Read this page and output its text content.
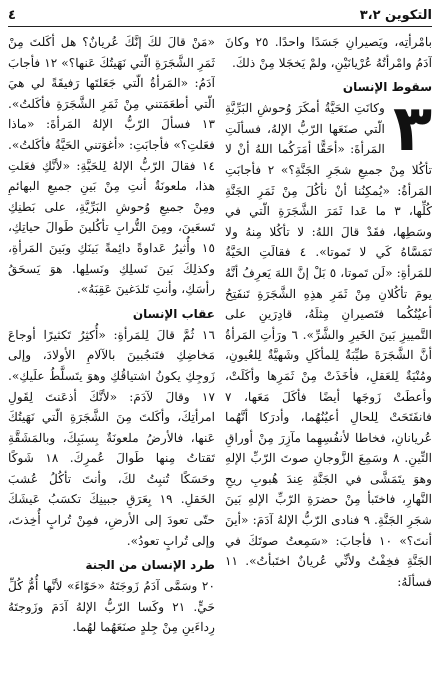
التكوين ٣،٢
٤

بامْرأتِه، ويَصيرانِ جَسَدًا واحدًا. ٢٥ وكانَ آدَمُ وامْرأتُهُ عُرْيانَيْنِ، ولمْ يَخجَلا مِنْ ذلكَ.

سقوط الإنسان
٣

وكانَتِ الحَيَّةُ أمكَرَ وُحوشِ البَرِّيَّةِ الّتي صنَعَها الرّبُّ الإلهُ، فسألَتِ المَرأةَ: «أحَقًّا أمَرَكُما اللهُ أنْ لا تأكُلا مِنْ جميعِ شجَرِ الجَنَّةِ؟» ٢ فأجابَتِ المَرأةُ: «يُمكِنُنا أنْ نأكُلَ مِنْ ثَمَرِ الجَنَّةِ كُلِّها، ٣ ما عَدا ثَمَرَ الشَّجَرَةِ الّتي في وسَطِها، فقَدْ قالَ اللهُ: لا تأكُلا مِنهُ ولا تَمَسَّاهُ كَي لا تَموتا». ٤ فقالَتِ الحَيَّةُ للمَرأةِ: «لَن تَموتا، ٥ بَلْ إنَّ اللهَ يَعرِفُ أنَّهُ يومَ تأكُلانِ مِنْ ثَمَرِ هذِهِ الشَّجَرَةِ تَنفَتِحُ أعيُنُكُما فتَصيرانِ مِثلَهُ، قادِرَينِ على التَّمييزِ بَينَ الخَيرِ والشَّرِّ». ٦ ورَأتِ المَرأةُ أنَّ الشَّجَرَةَ طيِّبَةٌ لِلمأكَلِ وشَهيَّةٌ لِلعُيونِ، ومُنْيَةٌ لِلعَقلِ، فأخَذَتْ مِنْ ثَمَرِها وأكَلَتْ، وأعطَتْ زَوجَها أيضًا فأكَلَ مَعَها، ٧ فانفَتَحَتْ لِلحالِ أعيُنُهُما، وأدرَكا أنَّهُما عُريانانِ، فخاطا لأنفُسِهِما مآزِرَ مِنْ أوراقِ التِّينِ. ٨ وسَمِعَ الزَّوجانِ صوتَ الرّبِّ الإلهِ وهوَ يتَمَشَّى في الجَنَّةِ عِندَ هُبوبِ ريحِ النَّهارِ، فاختَبأ مِنْ حضرَةِ الرّبِّ الإلهِ بَينَ شجَرِ الجَنَّةِ. ٩ فنادى الرّبُّ الإلهُ آدَمَ: «أينَ أنتَ؟» ١٠ فأجابَ: «سَمِعتُ صوتَكَ في الجَنَّةِ فخِفْتُ ولأنِّي عُريانٌ اختَبأتُ». ١١ فسألَهُ:

«مَنْ قالَ لكَ إنَّكَ عُريانٌ؟ هل أكَلتَ مِنْ ثَمَرِ الشَّجَرَةِ الّتي نَهَيتُكَ عَنها؟» ١٢ فأجابَ آدَمُ: «المَرأةُ الّتي جَعَلتَها رَفيقَةً لي هيَ الّتي أطعَمَتني مِنْ ثَمَرِ الشَّجَرَةِ فأكَلتُ». ١٣ فسألَ الرّبُّ الإلهُ المَرأةَ: «ماذا فعَلتِ؟» فأجابَتِ: «أغوَتني الحَيَّةُ فأكَلتُ». ١٤ فقالَ الرّبُّ الإلهُ لِلحَيَّةِ: «لأنَّكِ فعَلتِ هذا، ملعونَةٌ أنتِ مِنْ بَينِ جميعِ البهائمِ ومِنْ جميعِ وُحوشِ البَرِّيَّةِ، على بَطنِكِ تَسعَينَ، ومِنَ التُّرابِ تأكُلينَ طَوالَ حياتِكِ، ١٥ وأُثيرُ عَداوةً دائِمةً بَينَكِ وبَينَ المَرأةِ، وكذلِكَ بَينَ نَسلِكِ ونَسلِها. هوَ يَسحَقُ رأسَكِ، وأنتِ تَلدَغينَ عَقِبَهُ».

عقاب الإنسان

١٦ ثُمَّ قالَ لِلمَرأةِ: «أُكثِرُ تَكثيرًا أوجاعَ مَخاضِكِ فتَنجُبينَ بالآلامِ الأولادَ، وإلى زَوجِكِ يكونُ اشتياقُكِ وهوَ يتَسلَّطُ علَيكِ». ١٧ وقالَ لآدَمَ: «لأنَّكَ أذعَنتَ لِقَولِ امرأتِكَ، وأكَلتَ مِنَ الشَّجَرَةِ الّتي نَهَيتُكَ عَنها، فالأرضُ ملعونَةٌ بِسبَبِكَ، وبالمَشَقَّةِ تَقتاتُ مِنها طَوالَ عُمرِكَ. ١٨ شَوكًا وحَسَكًا تُنبِتُ لكَ، وأنتَ تأكُلُ عُشبَ الحَقلِ. ١٩ بِعَرَقِ جبينِكَ تكسَبُ عَيشَكَ حتّى تعودَ إلى الأرضِ، فمِنْ تُرابٍ أُخِذتَ، وإلى تُرابٍ تعودُ».

طرد الإنسان من الجنة

٢٠ وسَمَّى آدَمُ زَوجَتَهُ «حَوّاءَ» لأنَّها أُمُّ كُلِّ حَيٍّ. ٢١ وكَسا الرّبُّ الإلهُ آدَمَ وزَوجتَهُ رِداءَينِ مِنْ جِلدٍ صنَعَهُما لهُما.
